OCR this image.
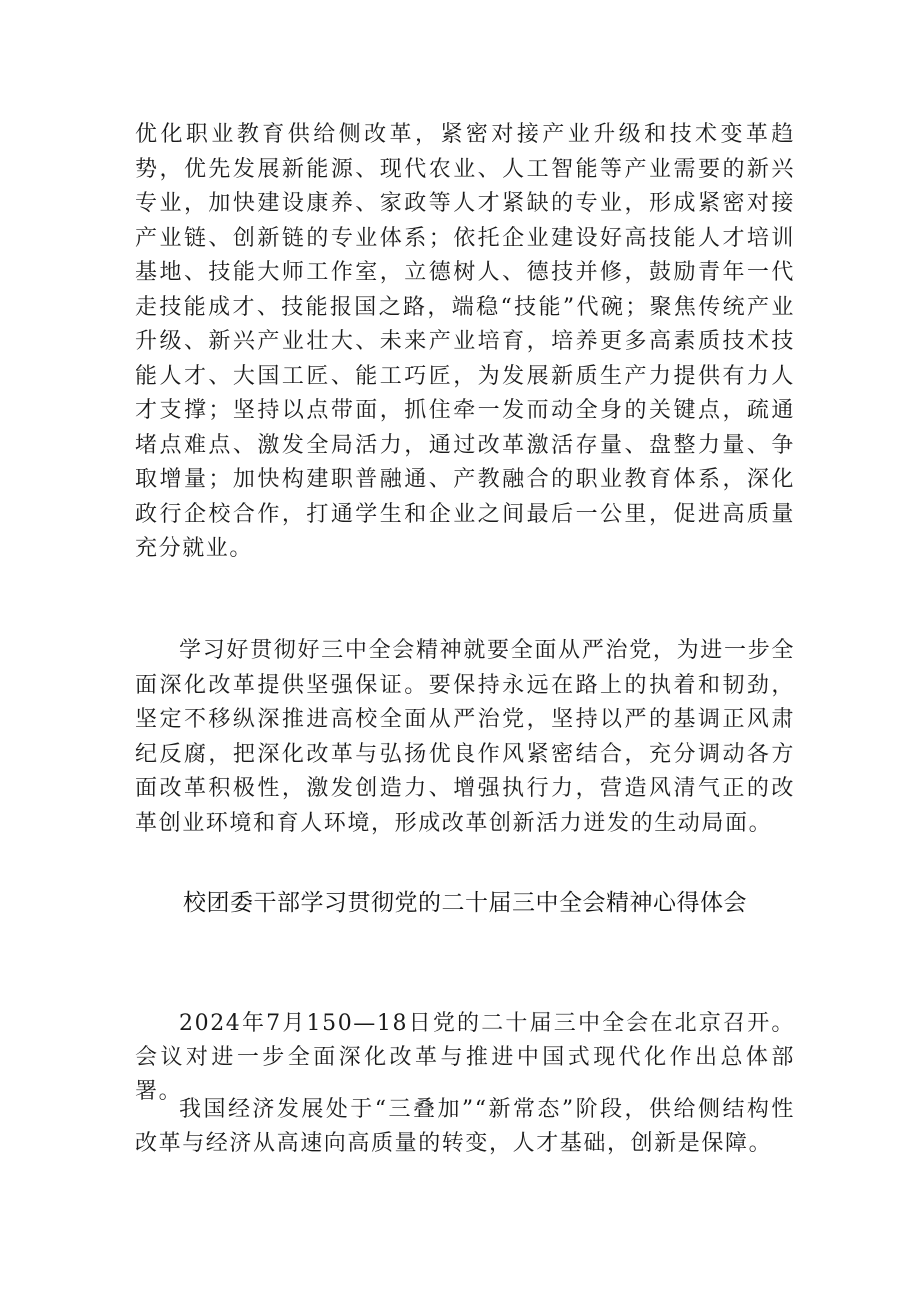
优化职业教育供给侧改革，紧密对接产业升级和技术变革趋势，优先发展新能源、现代农业、人工智能等产业需要的新兴专业，加快建设康养、家政等人才紧缺的专业，形成紧密对接产业链、创新链的专业体系；依托企业建设好高技能人才培训基地、技能大师工作室，立德树人、德技并修，鼓励青年一代走技能成才、技能报国之路，端稳“技能”代碗；聚焦传统产业升级、新兴产业壮大、未来产业培育，培养更多高素质技术技能人才、大国工匠、能工巧匠，为发展新质生产力提供有力人才支撑；坚持以点带面，抓住牵一发而动全身的关键点，疏通堵点难点、激发全局活力，通过改革激活存量、盘整力量、争取增量；加快构建职普融通、产教融合的职业教育体系，深化政行企校合作，打通学生和企业之间最后一公里，促进高质量充分就业。

学习好贯彻好三中全会精神就要全面从严治党，为进一步全面深化改革提供坚强保证。要保持永远在路上的执着和韧劲，坚定不移纵深推进高校全面从严治党，坚持以严的基调正风肃纪反腐，把深化改革与弘扬优良作风紧密结合，充分调动各方面改革积极性，激发创造力、增强执行力，营造风清气正的改革创业环境和育人环境，形成改革创新活力迸发的生动局面。

校团委干部学习贯彻党的二十届三中全会精神心得体会

2024年7月150—18日党的二十届三中全会在北京召开。会议对进一步全面深化改革与推进中国式现代化作出总体部署。

我国经济发展处于“三叠加”“新常态”阶段，供给侧结构性改革与经济从高速向高质量的转变，人才基础，创新是保障。
